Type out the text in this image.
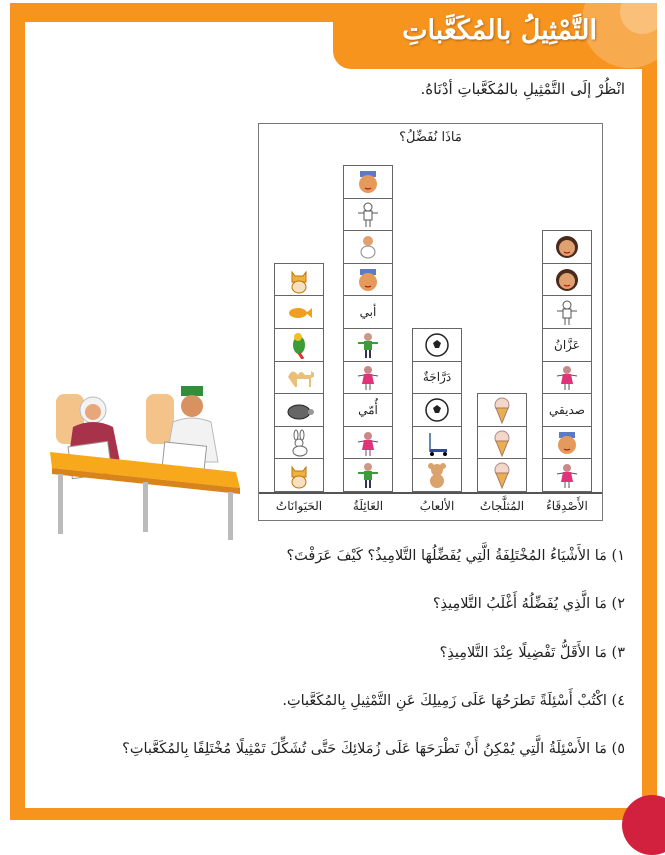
التَّمْثِيلُ بالمُكَعَّباتِ
انْظُرْ إلَى التَّمْثِيلِ بالمُكَعَّباتِ أدْنَاهُ.
مَاذَا نُفَضِّلُ؟
صديقي
عَزَّانُ
الأَصْدِقَاءُ
المُثلَّجاتُ
دَرَّاجَةٌ
الألعابُ
أُمّي
أبي
العَائِلَةُ
الحَيَوانَاتُ
١) مَا الأَشْيَاءُ المُخْتَلِفَةُ الَّتِي يُفَضِّلُهَا التَّلامِيذُ؟ كَيْفَ عَرَفْتَ؟
٢) مَا الَّذِي يُفَضِّلُهُ أَغْلَبُ التَّلامِيذِ؟
٣) مَا الأَقَلُّ تَفْضِيلًا عِنْدَ التَّلامِيذِ؟
٤) اكْتُبْ أَسْئِلَةً تَطرَحُهَا عَلَى زَمِيلِكَ عَنِ التَّمْثِيلِ بِالمُكَعَّباتِ.
٥) مَا الأَسْئِلَةُ الَّتِي يُمْكِنُ أَنْ تَطْرَحَهَا عَلَى زُمَلائِكَ حَتَّى تُشَكِّلَ تَمْثِيلًا مُخْتَلِفًا بِالمُكَعَّباتِ؟
